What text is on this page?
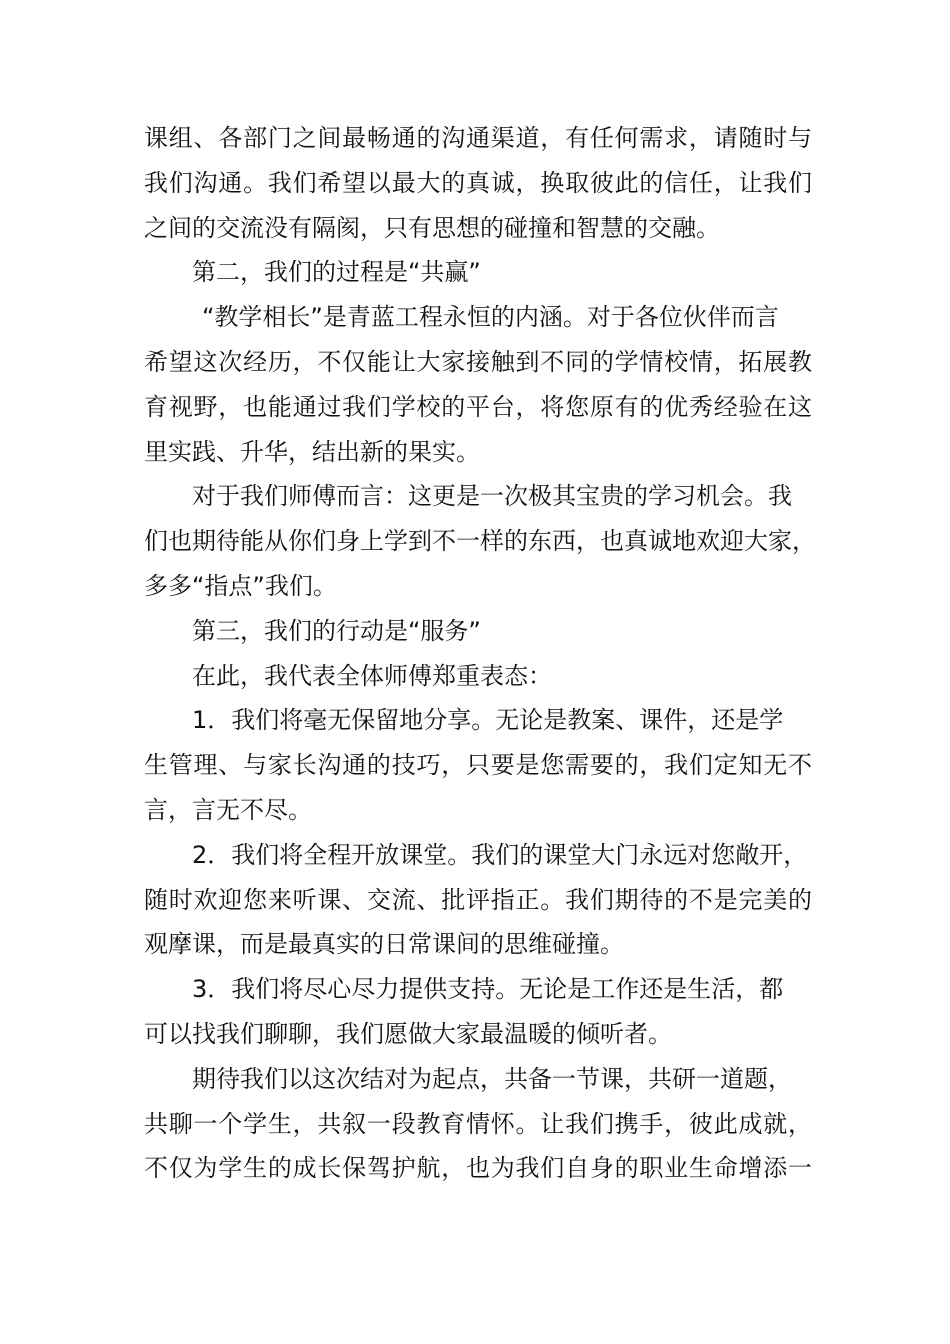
课组、各部门之间最畅通的沟通渠道，有任何需求，请随时与
我们沟通。我们希望以最大的真诚，换取彼此的信任，让我们
之间的交流没有隔阂，只有思想的碰撞和智慧的交融。
第二，我们的过程是“共赢”
“教学相长”是青蓝工程永恒的内涵。对于各位伙伴而言
希望这次经历，不仅能让大家接触到不同的学情校情，拓展教
育视野，也能通过我们学校的平台，将您原有的优秀经验在这
里实践、升华，结出新的果实。
对于我们师傅而言：这更是一次极其宝贵的学习机会。我
们也期待能从你们身上学到不一样的东西，也真诚地欢迎大家，
多多“指点”我们。
第三，我们的行动是“服务”
在此，我代表全体师傅郑重表态：
1．我们将毫无保留地分享。无论是教案、课件，还是学
生管理、与家长沟通的技巧，只要是您需要的，我们定知无不
言，言无不尽。
2．我们将全程开放课堂。我们的课堂大门永远对您敞开，
随时欢迎您来听课、交流、批评指正。我们期待的不是完美的
观摩课，而是最真实的日常课间的思维碰撞。
3．我们将尽心尽力提供支持。无论是工作还是生活，都
可以找我们聊聊，我们愿做大家最温暖的倾听者。
期待我们以这次结对为起点，共备一节课，共研一道题，
共聊一个学生，共叙一段教育情怀。让我们携手，彼此成就，
不仅为学生的成长保驾护航，也为我们自身的职业生命增添一
